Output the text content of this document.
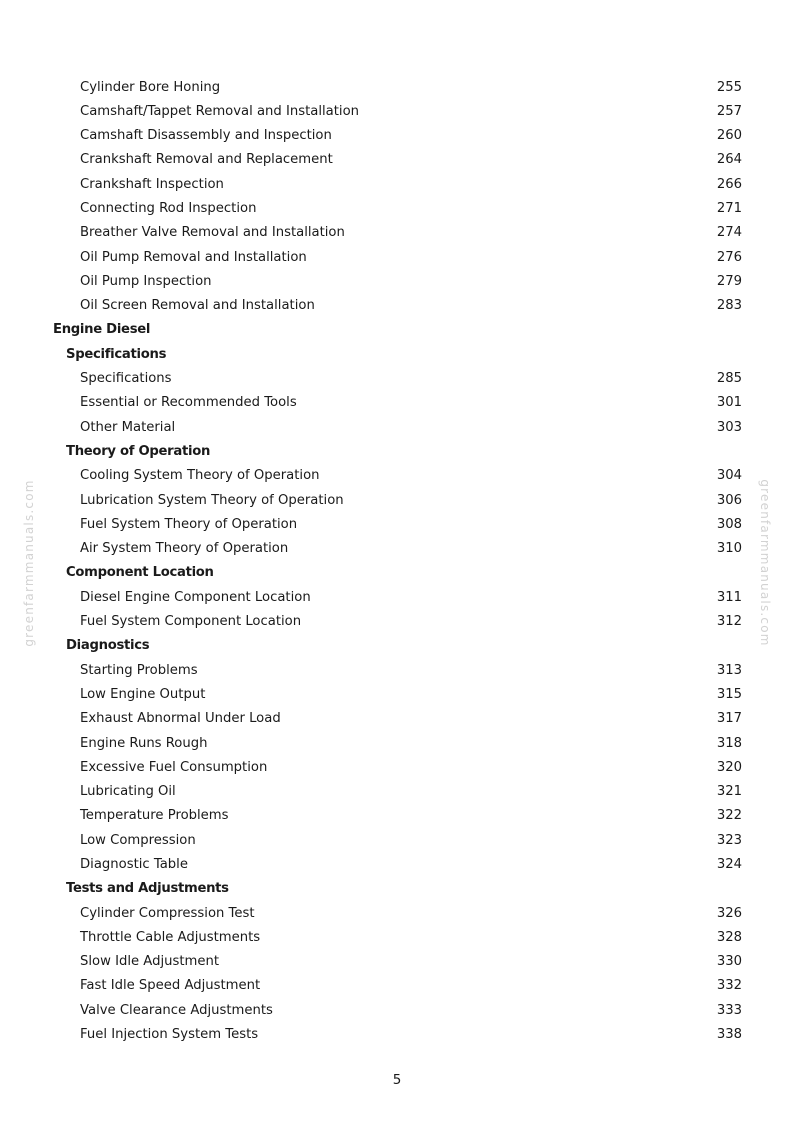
greenfarmmanuals.com	greenfarmmanuals.com
Cylinder Bore Honing	255
Camshaft/Tappet Removal and Installation	257
Camshaft Disassembly and Inspection	260
Crankshaft Removal and Replacement	264
Crankshaft Inspection	266
Connecting Rod Inspection	271
Breather Valve Removal and Installation	274
Oil Pump Removal and Installation	276
Oil Pump Inspection	279
Oil Screen Removal and Installation	283
Engine Diesel
Specifications
Specifications	285
Essential or Recommended Tools	301
Other Material	303
Theory of Operation
Cooling System Theory of Operation	304
Lubrication System Theory of Operation	306
Fuel System Theory of Operation	308
Air System Theory of Operation	310
Component Location
Diesel Engine Component Location	311
Fuel System Component Location	312
Diagnostics
Starting Problems	313
Low Engine Output	315
Exhaust Abnormal Under Load	317
Engine Runs Rough	318
Excessive Fuel Consumption	320
Lubricating Oil	321
Temperature Problems	322
Low Compression	323
Diagnostic Table	324
Tests and Adjustments
Cylinder Compression Test	326
Throttle Cable Adjustments	328
Slow Idle Adjustment	330
Fast Idle Speed Adjustment	332
Valve Clearance Adjustments	333
Fuel Injection System Tests	338
5
